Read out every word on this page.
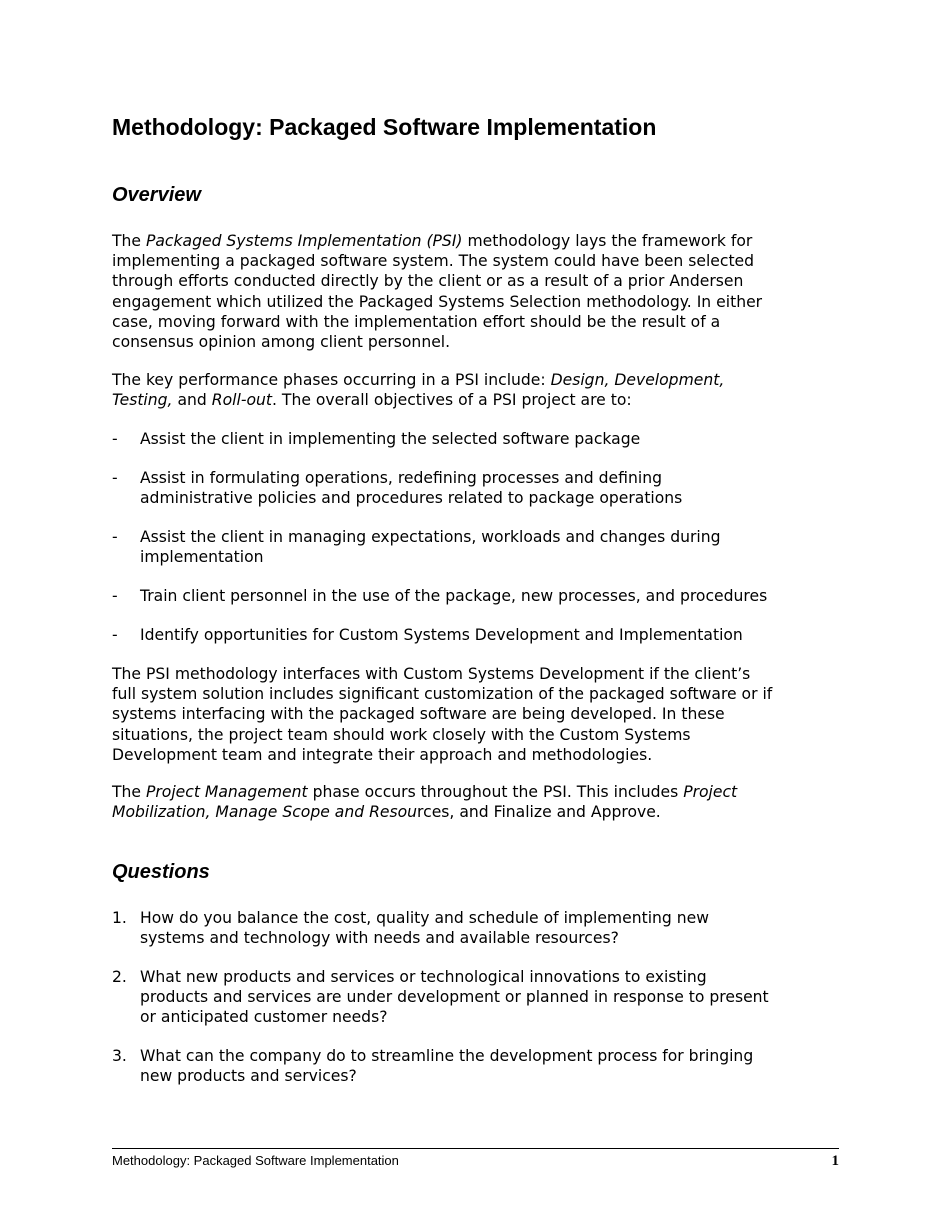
Methodology: Packaged Software Implementation
Overview

The Packaged Systems Implementation (PSI) methodology lays the framework for
implementing a packaged software system. The system could have been selected
through efforts conducted directly by the client or as a result of a prior Andersen
engagement which utilized the Packaged Systems Selection methodology. In either
case, moving forward with the implementation effort should be the result of a
consensus opinion among client personnel.

The key performance phases occurring in a PSI include: Design, Development,
Testing, and Roll-out. The overall objectives of a PSI project are to:

- Assist the client in implementing the selected software package
- Assist in formulating operations, redefining processes and defining
administrative policies and procedures related to package operations
- Assist the client in managing expectations, workloads and changes during
implementation
- Train client personnel in the use of the package, new processes, and procedures
- Identify opportunities for Custom Systems Development and Implementation

The PSI methodology interfaces with Custom Systems Development if the client’s
full system solution includes significant customization of the packaged software or if
systems interfacing with the packaged software are being developed. In these
situations, the project team should work closely with the Custom Systems
Development team and integrate their approach and methodologies.

The Project Management phase occurs throughout the PSI. This includes Project
Mobilization, Manage Scope and Resources, and Finalize and Approve.

Questions
1. How do you balance the cost, quality and schedule of implementing new
systems and technology with needs and available resources?
2. What new products and services or technological innovations to existing
products and services are under development or planned in response to present
or anticipated customer needs?
3. What can the company do to streamline the development process for bringing
new products and services?
Methodology: Packaged Software Implementation	1
